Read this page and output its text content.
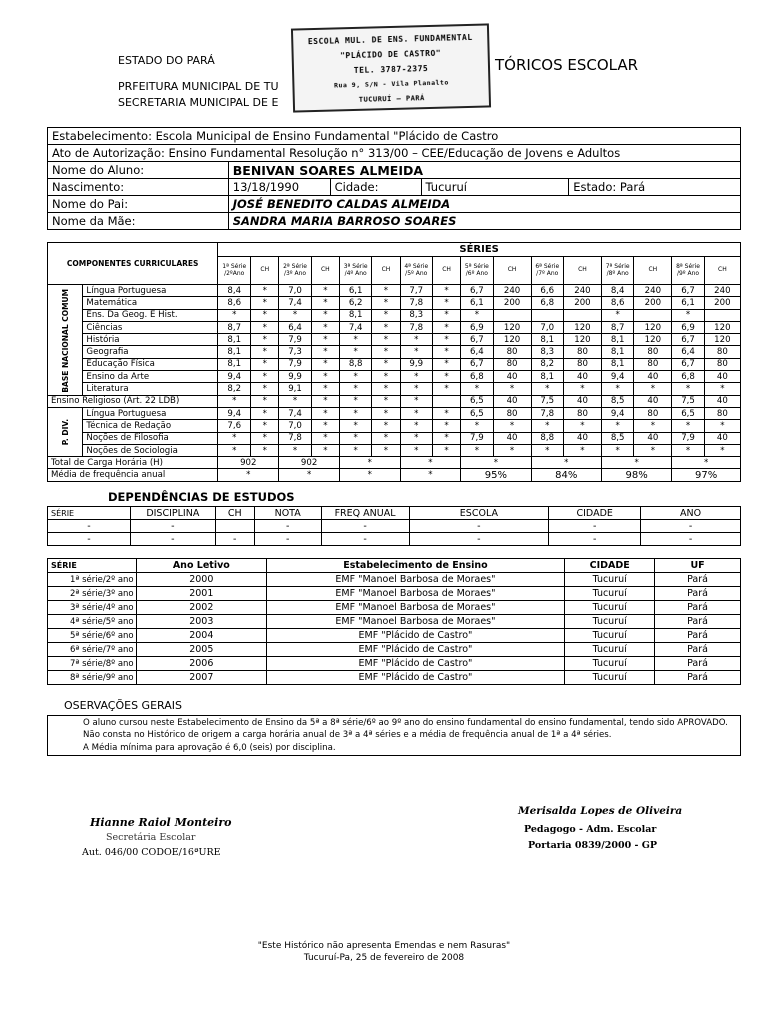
ESTADO DO PARÁ
PRFEITURA MUNICIPAL DE TU
SECRETARIA MUNICIPAL DE E
TÓRICOS ESCOLAR
ESCOLA MUL. DE ENS. FUNDAMENTAL
"PLÁCIDO DE CASTRO"
TEL. 3787-2375
Rua 9, S/N - Vila Planalto
TUCURUÍ — PARÁ
Estabelecimento: Escola Municipal de Ensino Fundamental "Plácido de Castro				
Ato de Autorização: Ensino Fundamental Resolução n° 313/00 – CEE/Educação de Jovens e Adultos				
Nome do Aluno:	BENIVAN SOARES ALMEIDA			
Nascimento:	13/18/1990	Cidade:	Tucuruí	Estado: Pará
Nome do Pai:	JOSÉ BENEDITO CALDAS ALMEIDA			
Nome da Mãe:	SANDRA MARIA BARROSO SOARES			
COMPONENTES CURRICULARES		SÉRIES															
		1ª Série /2ºAno	CH	2ª Série /3º Ano	CH	3ª Série /4º Ano	CH	4ª Série /5º Ano	CH	5ª Série /6º Ano	CH	6ª Série /7º Ano	CH	7ª Série /8º Ano	CH	8ª Série /9º Ano	CH
BASE NACIONAL COMUM	Língua Portuguesa	8,4	*	7,0	*	6,1	*	7,7	*	6,7	240	6,6	240	8,4	240	6,7	240
	Matemática	8,6	*	7,4	*	6,2	*	7,8	*	6,1	200	6,8	200	8,6	200	6,1	200
	Ens. Da Geog. E Hist.	*	*	*	*	8,1	*	8,3	*	*				*		*	
	Ciências	8,7	*	6,4	*	7,4	*	7,8	*	6,9	120	7,0	120	8,7	120	6,9	120
	História	8,1	*	7,9	*	*	*	*	*	6,7	120	8,1	120	8,1	120	6,7	120
	Geografia	8,1	*	7,3	*	*	*	*	*	6,4	80	8,3	80	8,1	80	6,4	80
	Educação Física	8,1	*	7,9	*	8,8	*	9,9	*	6,7	80	8,2	80	8,1	80	6,7	80
	Ensino da Arte	9,4	*	9,9	*	*	*	*	*	6,8	40	8,1	40	9,4	40	6,8	40
	Literatura	8,2	*	9,1	*	*	*	*	*	*	*	*	*	*	*	*	*
Ensino Religioso (Art. 22 LDB)		*	*	*	*	*	*	*		6,5	40	7,5	40	8,5	40	7,5	40
P. DIV.	Língua Portuguesa	9,4	*	7,4	*	*	*	*	*	6,5	80	7,8	80	9,4	80	6,5	80
	Técnica de Redação	7,6	*	7,0	*	*	*	*	*	*	*	*	*	*	*	*	*
	Noções de Filosofia	*	*	7,8	*	*	*	*	*	7,9	40	8,8	40	8,5	40	7,9	40
	Noções de Sociologia	*	*	*	*	*	*	*	*	*	*	*	*	*	*	*	*
Total de Carga Horária (H)		902		902		*		*		*		*		*		*	
Média de frequência anual		*		*		*		*		95%		84%		98%		97%	
DEPENDÊNCIAS DE ESTUDOS
SÉRIE	DISCIPLINA	CH	NOTA	FREQ ANUAL	ESCOLA	CIDADE	ANO
-	-		-	-	-	-	-
-	-	-	-	-	-	-	-
SÉRIE	Ano Letivo	Estabelecimento de Ensino	CIDADE	UF
1ª série/2º ano	2000	EMF "Manoel Barbosa de Moraes"	Tucuruí	Pará
2ª série/3º ano	2001	EMF "Manoel Barbosa de Moraes"	Tucuruí	Pará
3ª série/4º ano	2002	EMF "Manoel Barbosa de Moraes"	Tucuruí	Pará
4ª série/5º ano	2003	EMF "Manoel Barbosa de Moraes"	Tucuruí	Pará
5ª série/6º ano	2004	EMF "Plácido de Castro"	Tucuruí	Pará
6ª série/7º ano	2005	EMF "Plácido de Castro"	Tucuruí	Pará
7ª série/8º ano	2006	EMF "Plácido de Castro"	Tucuruí	Pará
8ª série/9º ano	2007	EMF "Plácido de Castro"	Tucuruí	Pará
OSERVAÇÕES GERAIS
O aluno cursou neste Estabelecimento de Ensino da 5ª a 8ª série/6º ao 9º ano do ensino fundamental do ensino fundamental, tendo sido APROVADO.
Não consta no Histórico de origem a carga horária anual de 3ª a 4ª séries e a média de frequência anual de 1ª a 4ª séries.
A Média mínima para aprovação é 6,0 (seis) por disciplina.
Hianne Raiol Monteiro
Secretária Escolar
Aut. 046/00 CODOE/16ªURE
Merisalda Lopes de Oliveira
Pedagogo - Adm. Escolar
Portaria 0839/2000 - GP
"Este Histórico não apresenta Emendas e nem Rasuras"
Tucuruí-Pa, 25 de fevereiro de 2008
